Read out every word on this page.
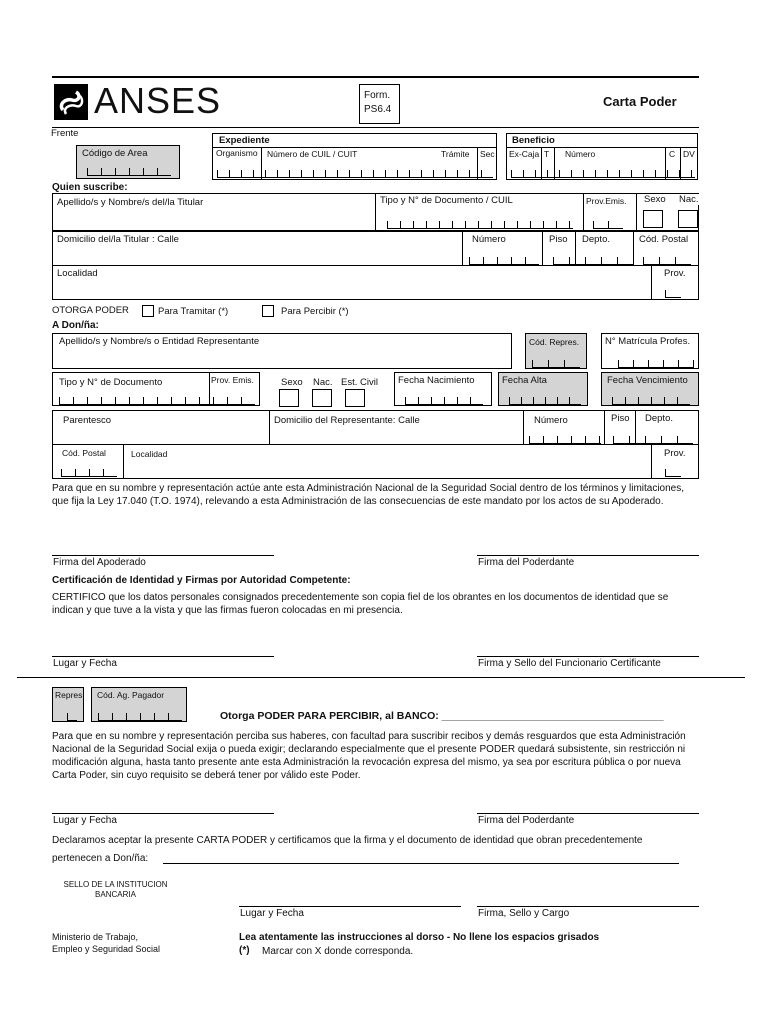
ANSES	Form.
PS6.4
Carta Poder
Frente
Código de Area
Expediente
Organismo Número de CUIL / CUIT	Trámite Sec
Beneficio
Ex-Caja T Número	C DV
Quien suscribe:
Apellido/s y Nombre/s del/la Titular	Tipo y N° de Documento / CUIL	Prov.Emis. Sexo Nac.
Domicilio del/la Titular : Calle	Número	Piso Depto.	Cód. Postal
Localidad	Prov.
OTORGA PODER	Para Tramitar (*)	Para Percibir (*)
A Don/ña:
Apellido/s y Nombre/s o Entidad Representante	Cód. Repres.	N° Matrícula Profes.
Tipo y N° de Documento	Prov. Emis.	Sexo Nac. Est. Civil Fecha Nacimiento	Fecha Alta	Fecha Vencimiento
Parentesco	Domicilio del Representante: Calle	Número	Piso Depto.
Cód. Postal	Localidad	Prov.
Para que en su nombre y representación actúe ante esta Administración Nacional de la Seguridad Social dentro de los términos y limitaciones,
que fija la Ley 17.040 (T.O. 1974), relevando a esta Administración de las consecuencias de este mandato por los actos de su Apoderado.
Firma del Apoderado	Firma del Poderdante
Certificación de Identidad y Firmas por Autoridad Competente:
CERTIFICO que los datos personales consignados precedentemente son copia fiel de los obrantes en los documentos de identidad que se
indican y que tuve a la vista y que las firmas fueron colocadas en mi presencia.
Lugar y Fecha	Firma y Sello del Funcionario Certificante
Repres. Cód. Ag. Pagador
Otorga PODER PARA PERCIBIR, al BANCO: ______________________________________
Para que en su nombre y representación perciba sus haberes, con facultad para suscribir recibos y demás resguardos que esta Administración
Nacional de la Seguridad Social exija o pueda exigir; declarando especialmente que el presente PODER quedará subsistente, sin restricción ni
modificación alguna, hasta tanto presente ante esta Administración la revocación expresa del mismo, ya sea por escritura pública o por nueva
Carta Poder, sin cuyo requisito se deberá tener por válido este Poder.
Lugar y Fecha	Firma del Poderdante
Declaramos aceptar la presente CARTA PODER y certificamos que la firma y el documento de identidad que obran precedentemente
pertenecen a Don/ña:
SELLO DE LA INSTITUCION
BANCARIA
Lugar y Fecha	Firma, Sello y Cargo
Ministerio de Trabajo,
Empleo y Seguridad Social
Lea atentamente las instrucciones al dorso - No llene los espacios grisados
(*) Marcar con X donde corresponda.
